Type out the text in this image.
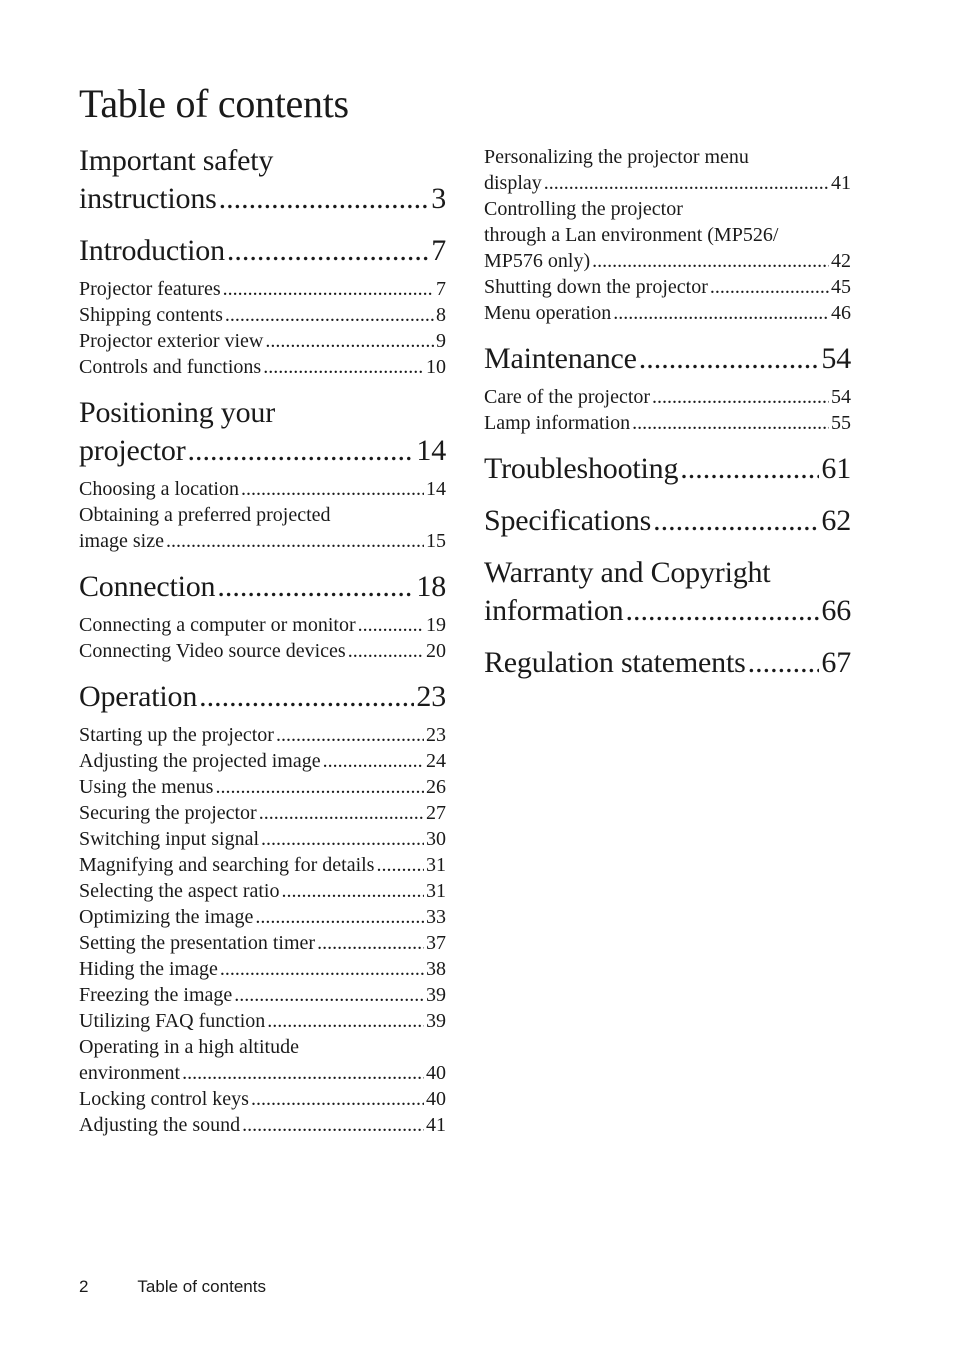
Table of contents
Important safety
instructions .....	3
Introduction .....	7
Projector features .....	7
Shipping contents .....	8
Projector exterior view .....	9
Controls and functions .....	10
Positioning your
projector .....	14
Choosing a location .....	14
Obtaining a preferred projected
image size .....	15
Connection .....	18
Connecting a computer or monitor .....	19
Connecting Video source devices .....	20
Operation .....	23
Starting up the projector .....	23
Adjusting the projected image .....	24
Using the menus .....	26
Securing the projector .....	27
Switching input signal .....	30
Magnifying and searching for details .....	31
Selecting the aspect ratio .....	31
Optimizing the image .....	33
Setting the presentation timer .....	37
Hiding the image .....	38
Freezing the image .....	39
Utilizing FAQ function .....	39
Operating in a high altitude
environment .....	40
Locking control keys .....	40
Adjusting the sound .....	41
Personalizing the projector menu
display .....	41
Controlling the projector
through a Lan environment (MP526/
MP576 only) .....	42
Shutting down the projector .....	45
Menu operation .....	46
Maintenance .....	54
Care of the projector .....	54
Lamp information .....	55
Troubleshooting .....	61
Specifications .....	62
Warranty and Copyright
information .....	66
Regulation statements .....	67
2	Table of contents
